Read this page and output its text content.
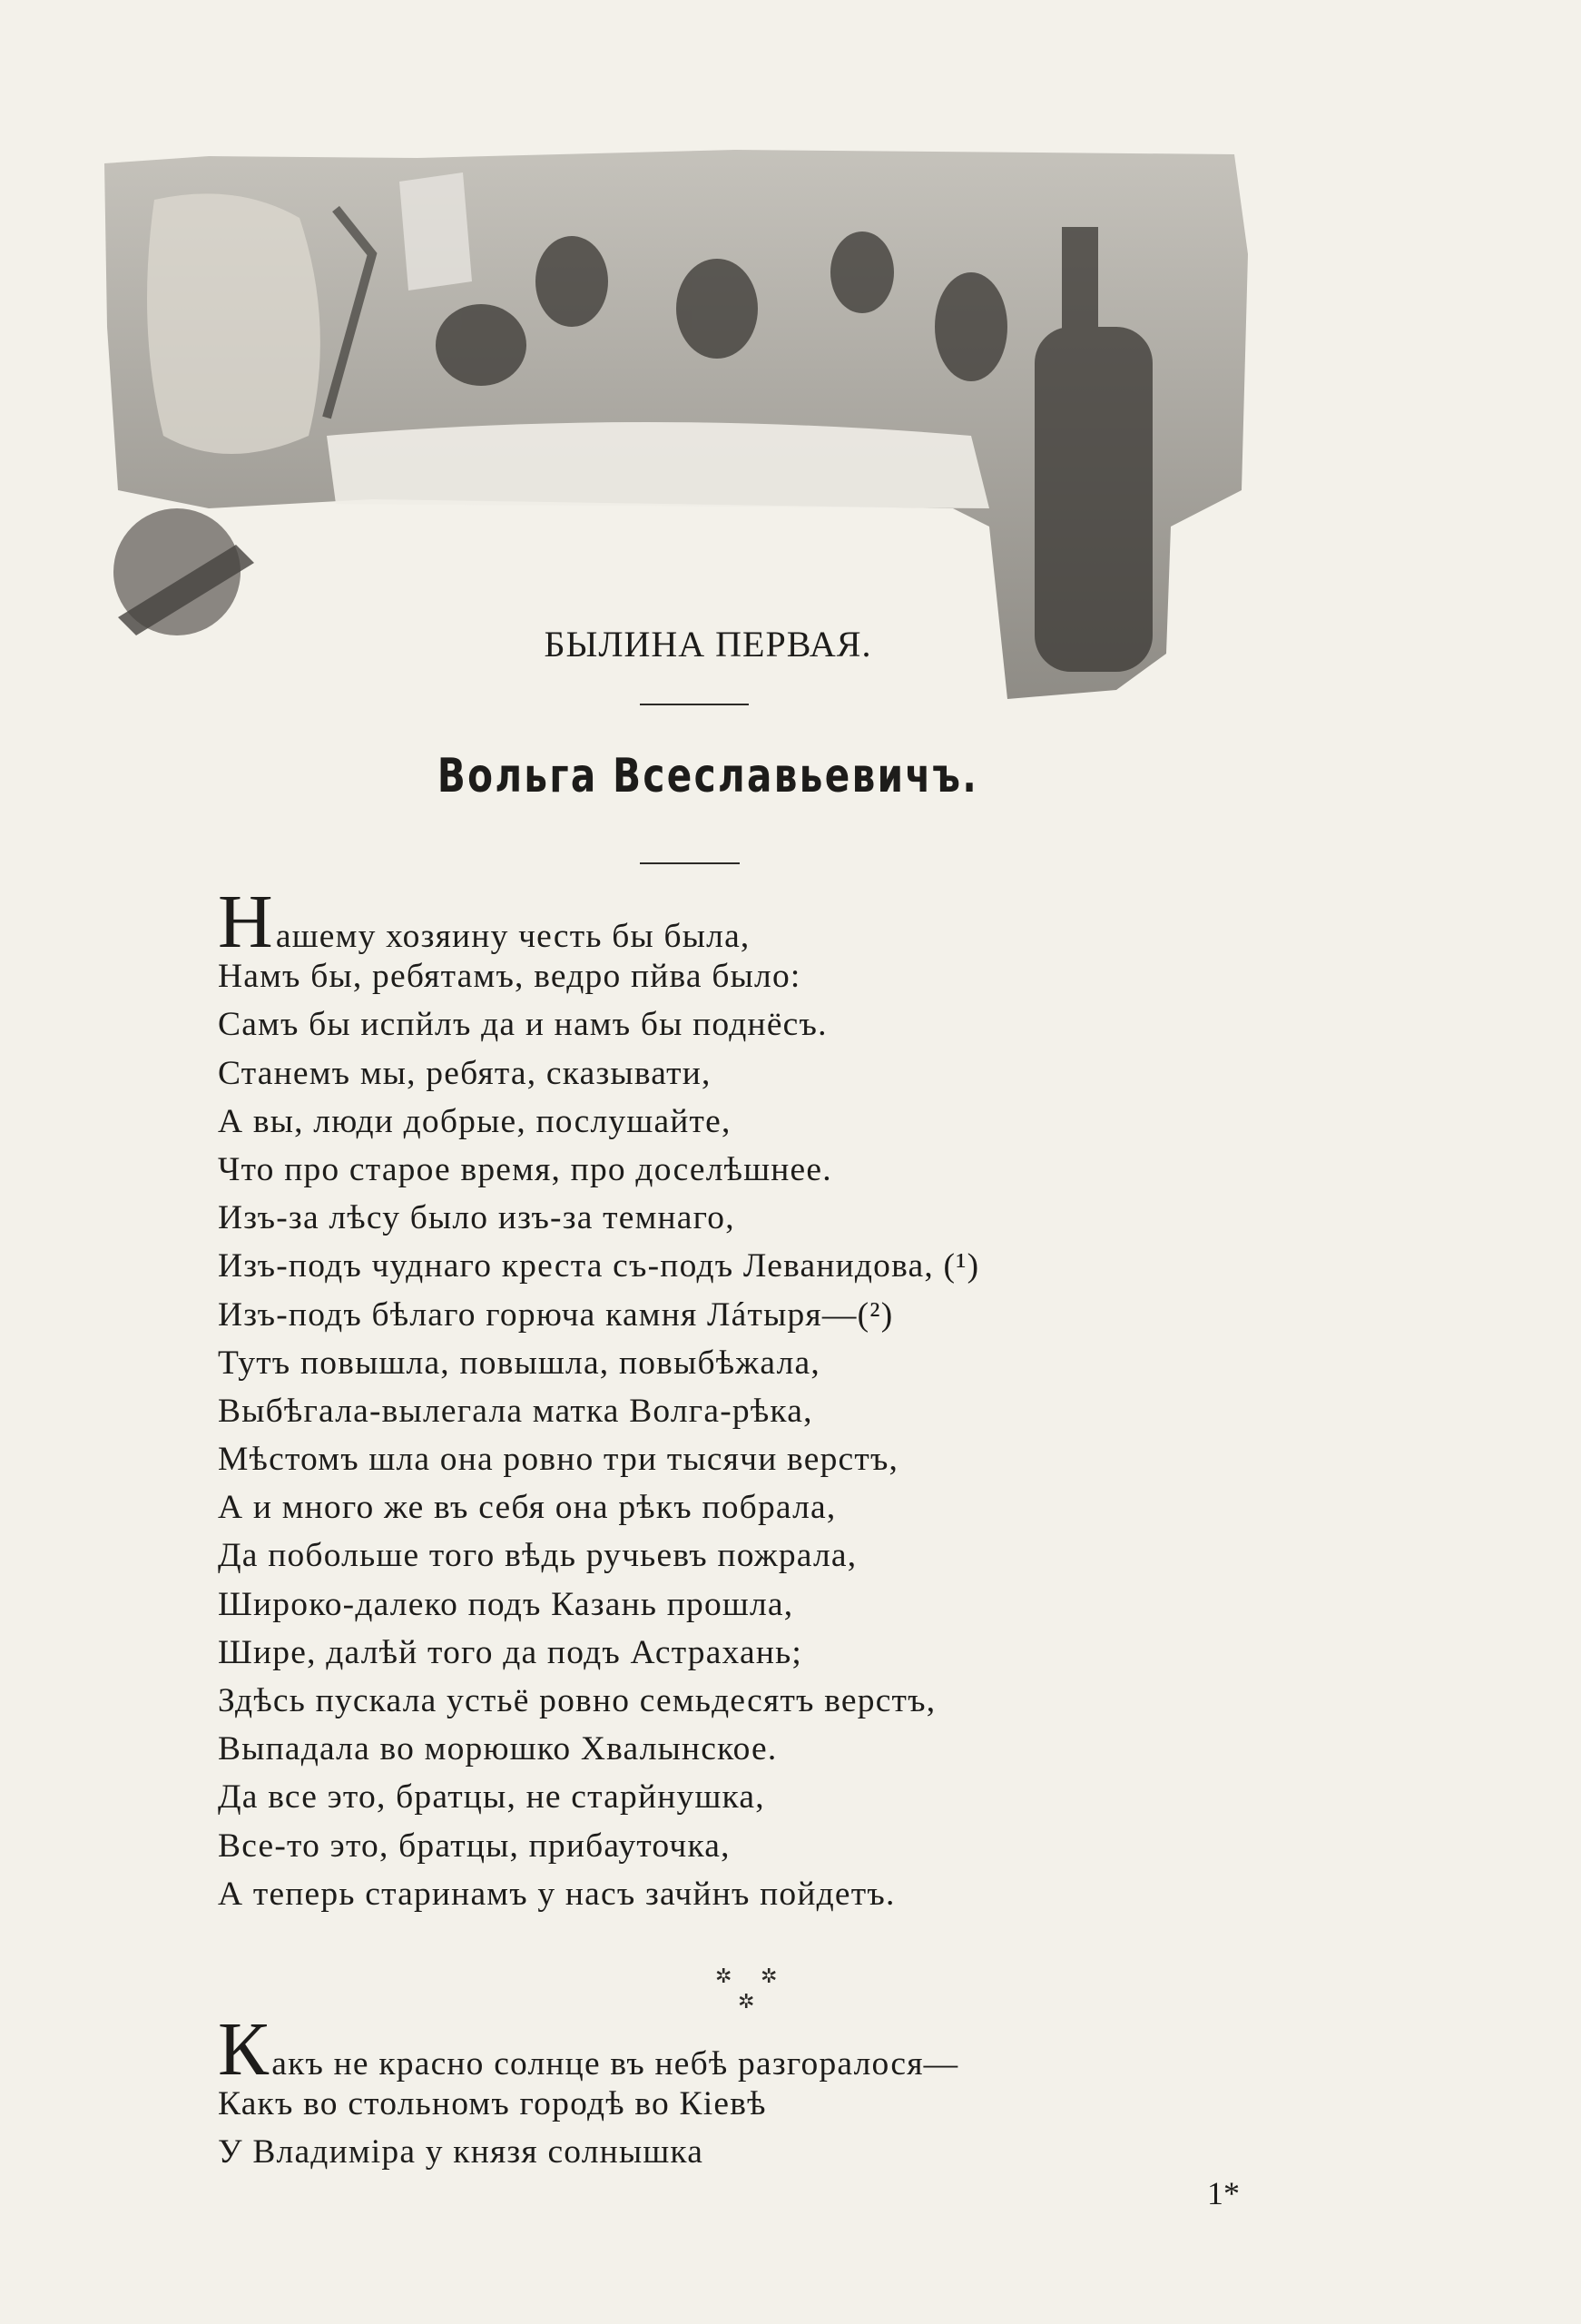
БЫЛИНА ПЕРВАЯ.
Вольга Всеславьевичъ.
Нашему хозяину честь бы была,
Намъ бы, ребятамъ, ведро пйва было:
Самъ бы испйлъ да и намъ бы поднёсъ.
Станемъ мы, ребята, сказывати,
А вы, люди добрые, послушайте,
Что про старое время, про доселѣшнее.
Изъ-за лѣсу было изъ-за темнаго,
Изъ-подъ чуднаго креста съ-подъ Леванидова, (¹)
Изъ-подъ бѣлаго горюча камня Лáтыря—(²)
Тутъ повышла, повышла, повыбѣжала,
Выбѣгала-вылегала матка Волга-рѣка,
Мѣстомъ шла она ровно три тысячи верстъ,
А и много же въ себя она рѣкъ побрала,
Да побольше того вѣдь ручьевъ пожрала,
Широко-далеко подъ Казань прошла,
Шире, далѣй того да подъ Астрахань;
Здѣсь пускала устьё ровно семьдесятъ верстъ,
Выпадала во морюшко Хвалынское.
Да все это, братцы, не старйнушка,
Все-то это, братцы, прибауточка,
А теперь старинамъ у насъ зачйнъ пойдетъ.
✲ ✲
✲
Какъ не красно солнце въ небѣ разгоралося—
Какъ во стольномъ городѣ во Кіевѣ
У Владиміра у князя солнышка
1*
